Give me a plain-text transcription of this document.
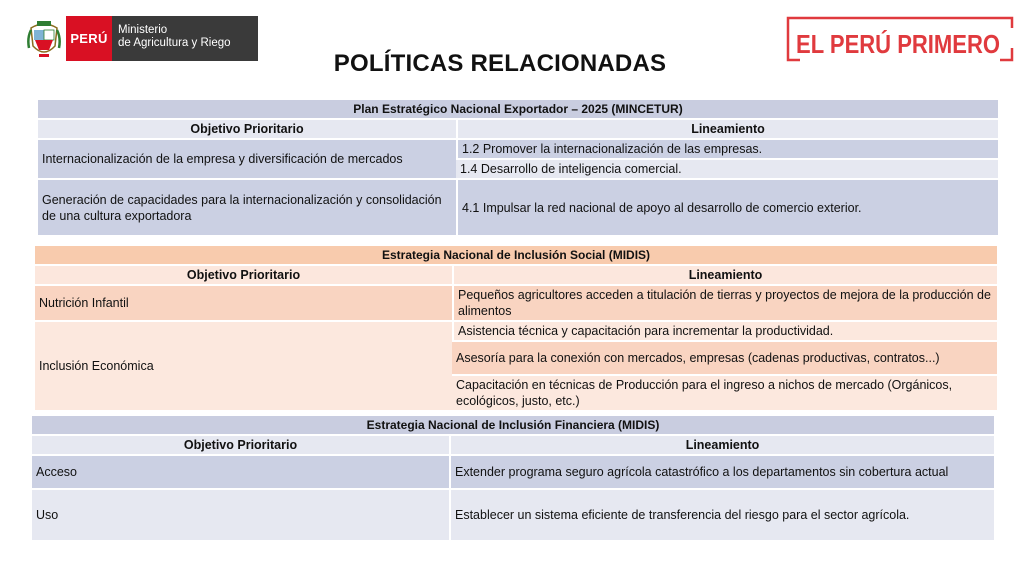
PERÚ
Ministerio
de Agricultura y Riego
POLÍTICAS RELACIONADAS
EL PERÚ PRIMERO
Plan Estratégico Nacional Exportador – 2025 (MINCETUR)	
Objetivo Prioritario	Lineamiento
Internacionalización de la empresa y diversificación de mercados	1.2 Promover la internacionalización de las empresas.
	1.4 Desarrollo de inteligencia comercial.
Generación de capacidades para la internacionalización y consolidación de una cultura exportadora	4.1 Impulsar la red nacional de apoyo al desarrollo de comercio exterior.
Estrategia Nacional de Inclusión Social (MIDIS)	
Objetivo Prioritario	Lineamiento
Nutrición Infantil	Pequeños agricultores acceden a titulación de tierras y proyectos de mejora de la producción de alimentos
Inclusión Económica	Asistencia técnica y capacitación para incrementar la productividad.
	Asesoría para la conexión con mercados, empresas (cadenas productivas, contratos...)
	Capacitación en técnicas de Producción para el ingreso a nichos de mercado (Orgánicos, ecológicos, justo, etc.)
Estrategia Nacional de Inclusión Financiera (MIDIS)	
Objetivo Prioritario	Lineamiento
Acceso	Extender programa seguro agrícola catastrófico a los departamentos sin cobertura actual
Uso	Establecer un sistema eficiente de transferencia del riesgo para el sector agrícola.
